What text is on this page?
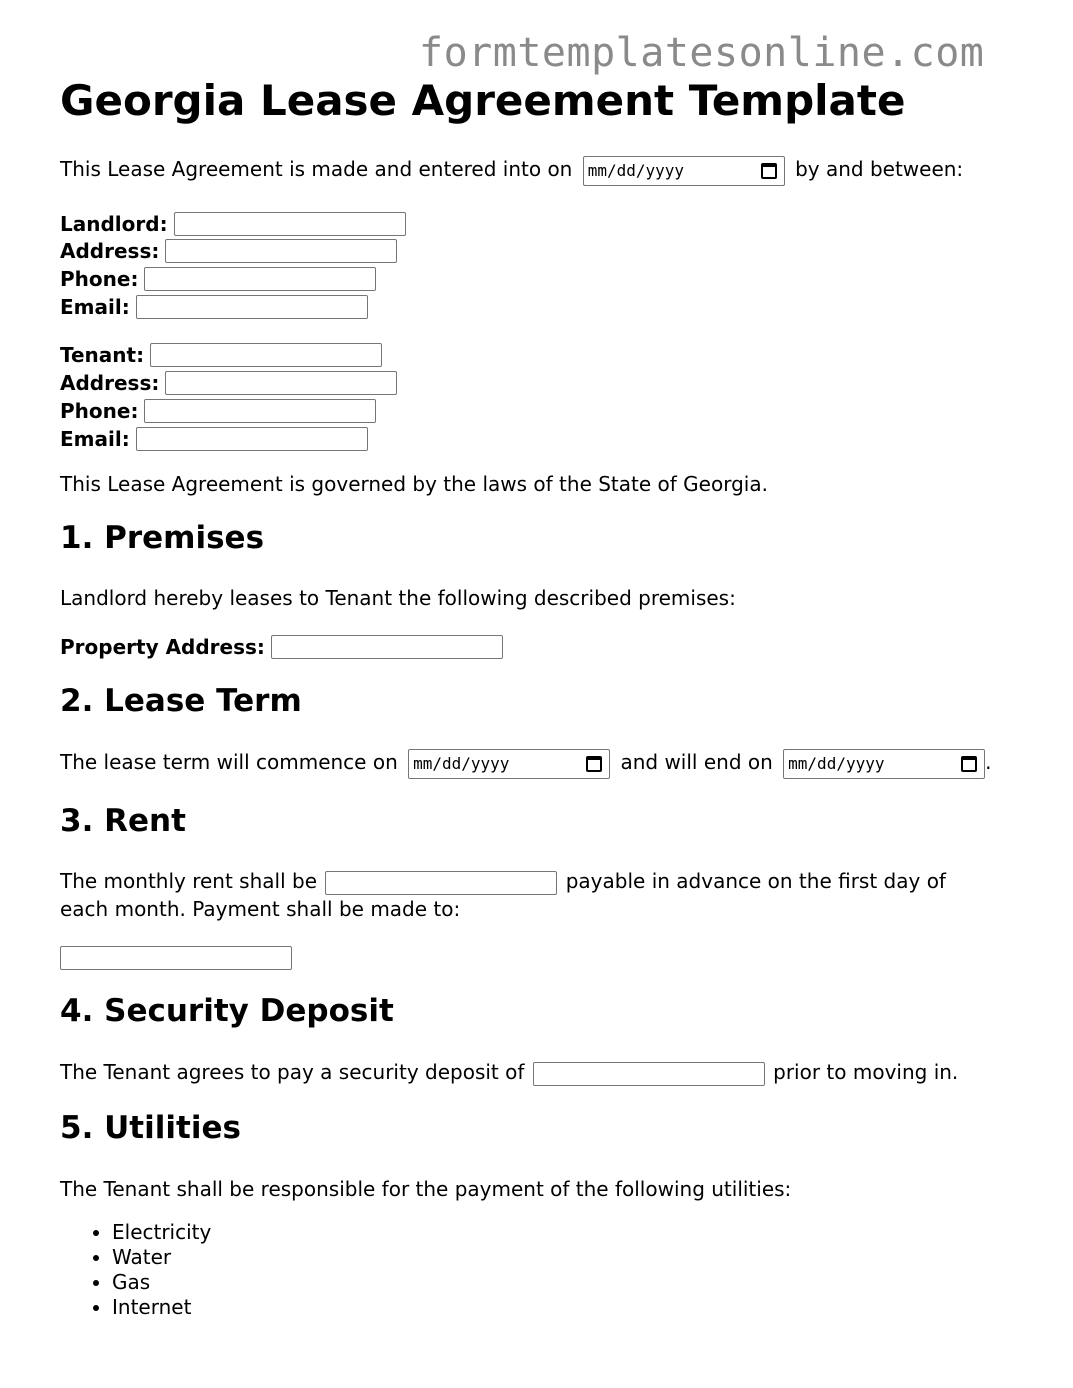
formtemplatesonline.com
Georgia Lease Agreement Template
This Lease Agreement is made and entered into on mm/dd/yyyy	by and between:
Landlord:
Address:
Phone:
Email:
Tenant:
Address:
Phone:
Email:
This Lease Agreement is governed by the laws of the State of Georgia.
1. Premises
Landlord hereby leases to Tenant the following described premises:
Property Address:
2. Lease Term
The lease term will commence on mm/dd/yyyy	and will end on mm/dd/yyyy	.
3. Rent
The monthly rent shall be	payable in advance on the first day of
each month. Payment shall be made to:
4. Security Deposit
The Tenant agrees to pay a security deposit of	prior to moving in.
5. Utilities
The Tenant shall be responsible for the payment of the following utilities:
• Electricity
• Water
• Gas
• Internet
